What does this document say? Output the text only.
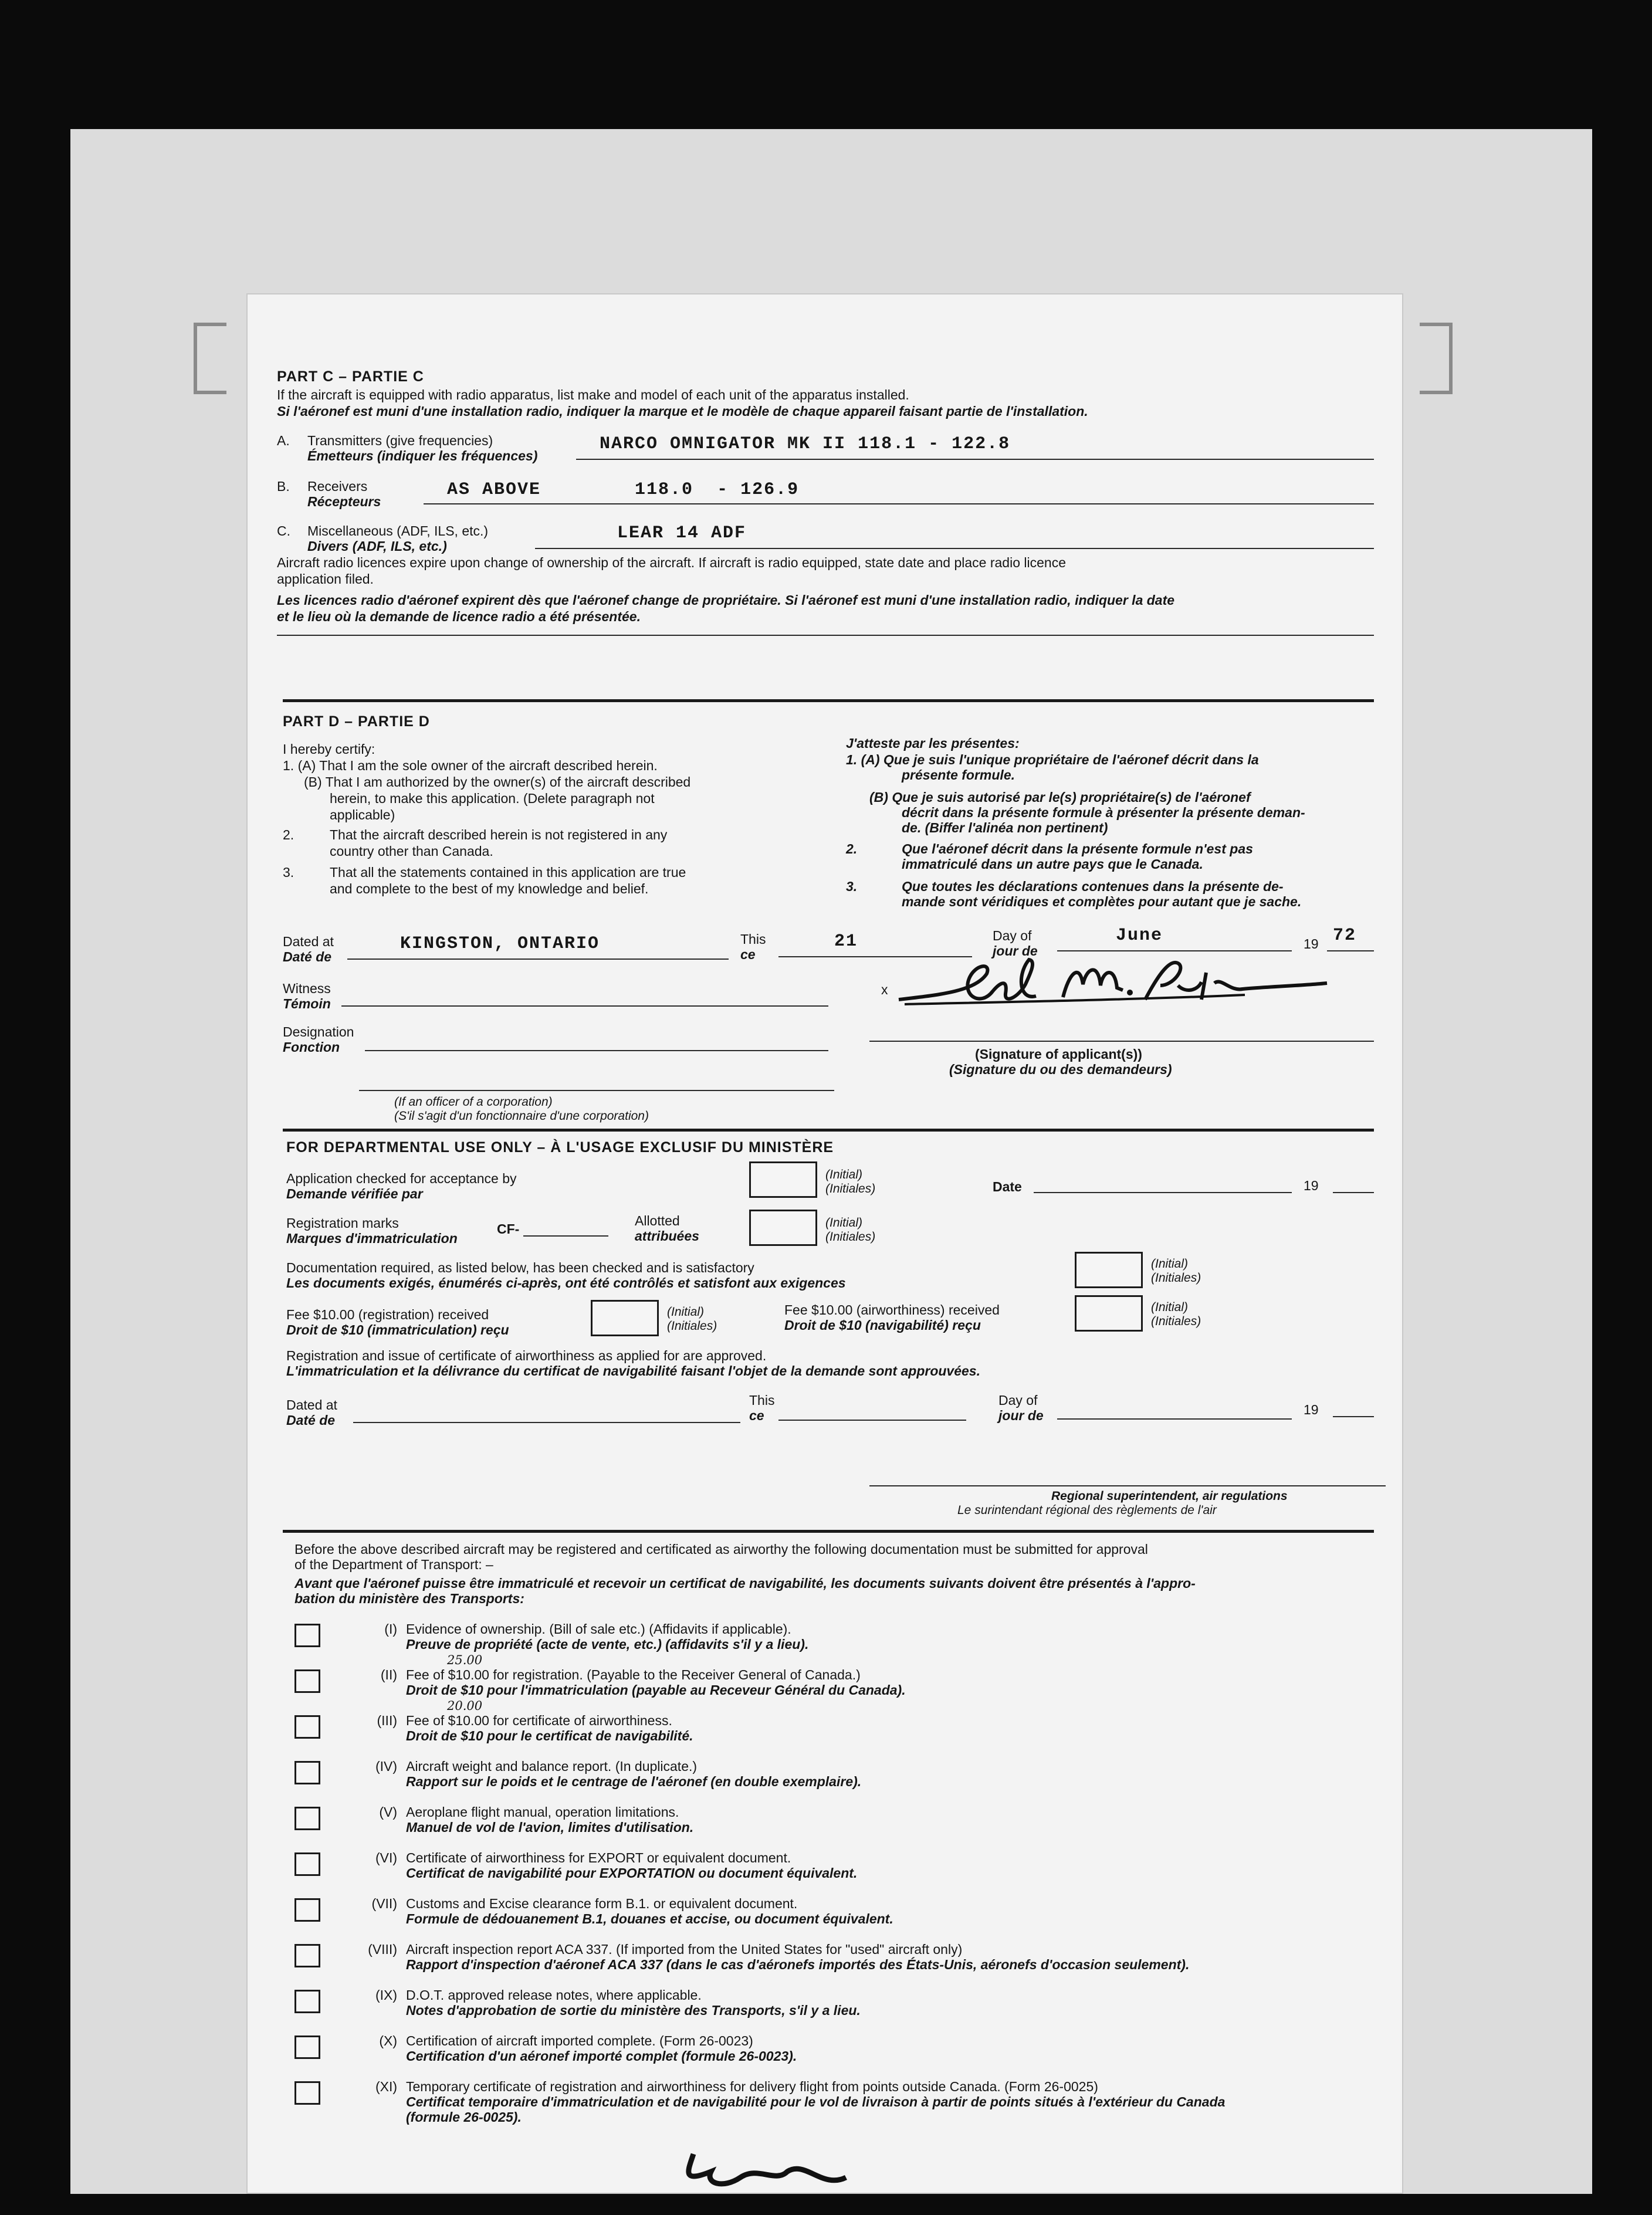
PART C – PARTIE C
If the aircraft is equipped with radio apparatus, list make and model of each unit of the apparatus installed.
Si l'aéronef est muni d'une installation radio, indiquer la marque et le modèle de chaque appareil faisant partie de l'installation.
A. Transmitters (give frequencies)
Émetteurs (indiquer les fréquences)
NARCO OMNIGATOR MK II 118.1 - 122.8
B. Receivers
Récepteurs
AS ABOVE        118.0  - 126.9
C. Miscellaneous (ADF, ILS, etc.)
Divers (ADF, ILS, etc.)
LEAR 14 ADF
Aircraft radio licences expire upon change of ownership of the aircraft. If aircraft is radio equipped, state date and place radio licence
application filed.
Les licences radio d'aéronef expirent dès que l'aéronef change de propriétaire. Si l'aéronef est muni d'une installation radio, indiquer la date
et le lieu où la demande de licence radio a été présentée.
PART D – PARTIE D
I hereby certify:
1. (A) That I am the sole owner of the aircraft described herein.
(B) That I am authorized by the owner(s) of the aircraft described
herein, to make this application. (Delete paragraph not
applicable)
2.	That the aircraft described herein is not registered in any
country other than Canada.
3.	That all the statements contained in this application are true
and complete to the best of my knowledge and belief.
J'atteste par les présentes:
1. (A) Que je suis l'unique propriétaire de l'aéronef décrit dans la
présente formule.
(B) Que je suis autorisé par le(s) propriétaire(s) de l'aéronef
décrit dans la présente formule à présenter la présente deman-
de. (Biffer l'alinéa non pertinent)
2.	Que l'aéronef décrit dans la présente formule n'est pas
immatriculé dans un autre pays que le Canada.
3.	Que toutes les déclarations contenues dans la présente de-
mande sont véridiques et complètes pour autant que je sache.
Dated at
Daté de
KINGSTON, ONTARIO	This
ce
21	Day of
jour de
June	19 72
Witness
Témoin
x
Designation
Fonction	(Signature of applicant(s))
(Signature du ou des demandeurs)
(If an officer of a corporation)
(S'il s'agit d'un fonctionnaire d'une corporation)
FOR DEPARTMENTAL USE ONLY – À L'USAGE EXCLUSIF DU MINISTÈRE
Application checked for acceptance by
Demande vérifiée par
(Initial)
(Initiales)	Date	19
Registration marks
Marques d'immatriculation
CF-
Allotted
attribuées
(Initial)
(Initiales)
Documentation required, as listed below, has been checked and is satisfactory
Les documents exigés, énumérés ci-après, ont été contrôlés et satisfont aux exigences
(Initial)
(Initiales)
Fee $10.00 (registration) received
Droit de $10 (immatriculation) reçu
(Initial)
(Initiales)
Fee $10.00 (airworthiness) received
Droit de $10 (navigabilité) reçu
(Initial)
(Initiales)
Registration and issue of certificate of airworthiness as applied for are approved.
L'immatriculation et la délivrance du certificat de navigabilité faisant l'objet de la demande sont approuvées.
Dated at
Daté de
This
ce
Day of
jour de	19
Regional superintendent, air regulations
Le surintendant régional des règlements de l'air
Before the above described aircraft may be registered and certificated as airworthy the following documentation must be submitted for approval
of the Department of Transport: –
Avant que l'aéronef puisse être immatriculé et recevoir un certificat de navigabilité, les documents suivants doivent être présentés à l'appro-
bation du ministère des Transports:
(I) Evidence of ownership. (Bill of sale etc.) (Affidavits if applicable).
Preuve de propriété (acte de vente, etc.) (affidavits s'il y a lieu).
(II) Fee of $10.00 for registration. (Payable to the Receiver General of Canada.)
Droit de $10 pour l'immatriculation (payable au Receveur Général du Canada).
25.00
(III) Fee of $10.00 for certificate of airworthiness.
Droit de $10 pour le certificat de navigabilité.
20.00
(IV) Aircraft weight and balance report. (In duplicate.)
Rapport sur le poids et le centrage de l'aéronef (en double exemplaire).
(V) Aeroplane flight manual, operation limitations.
Manuel de vol de l'avion, limites d'utilisation.
(VI) Certificate of airworthiness for EXPORT or equivalent document.
Certificat de navigabilité pour EXPORTATION ou document équivalent.
(VII) Customs and Excise clearance form B.1. or equivalent document.
Formule de dédouanement B.1, douanes et accise, ou document équivalent.
(VIII) Aircraft inspection report ACA 337. (If imported from the United States for "used" aircraft only)
Rapport d'inspection d'aéronef ACA 337 (dans le cas d'aéronefs importés des États-Unis, aéronefs d'occasion seulement).
(IX) D.O.T. approved release notes, where applicable.
Notes d'approbation de sortie du ministère des Transports, s'il y a lieu.
(X) Certification of aircraft imported complete. (Form 26-0023)
Certification d'un aéronef importé complet (formule 26-0023).
(XI) Temporary certificate of registration and airworthiness for delivery flight from points outside Canada. (Form 26-0025)
Certificat temporaire d'immatriculation et de navigabilité pour le vol de livraison à partir de points situés à l'extérieur du Canada
(formule 26-0025).
